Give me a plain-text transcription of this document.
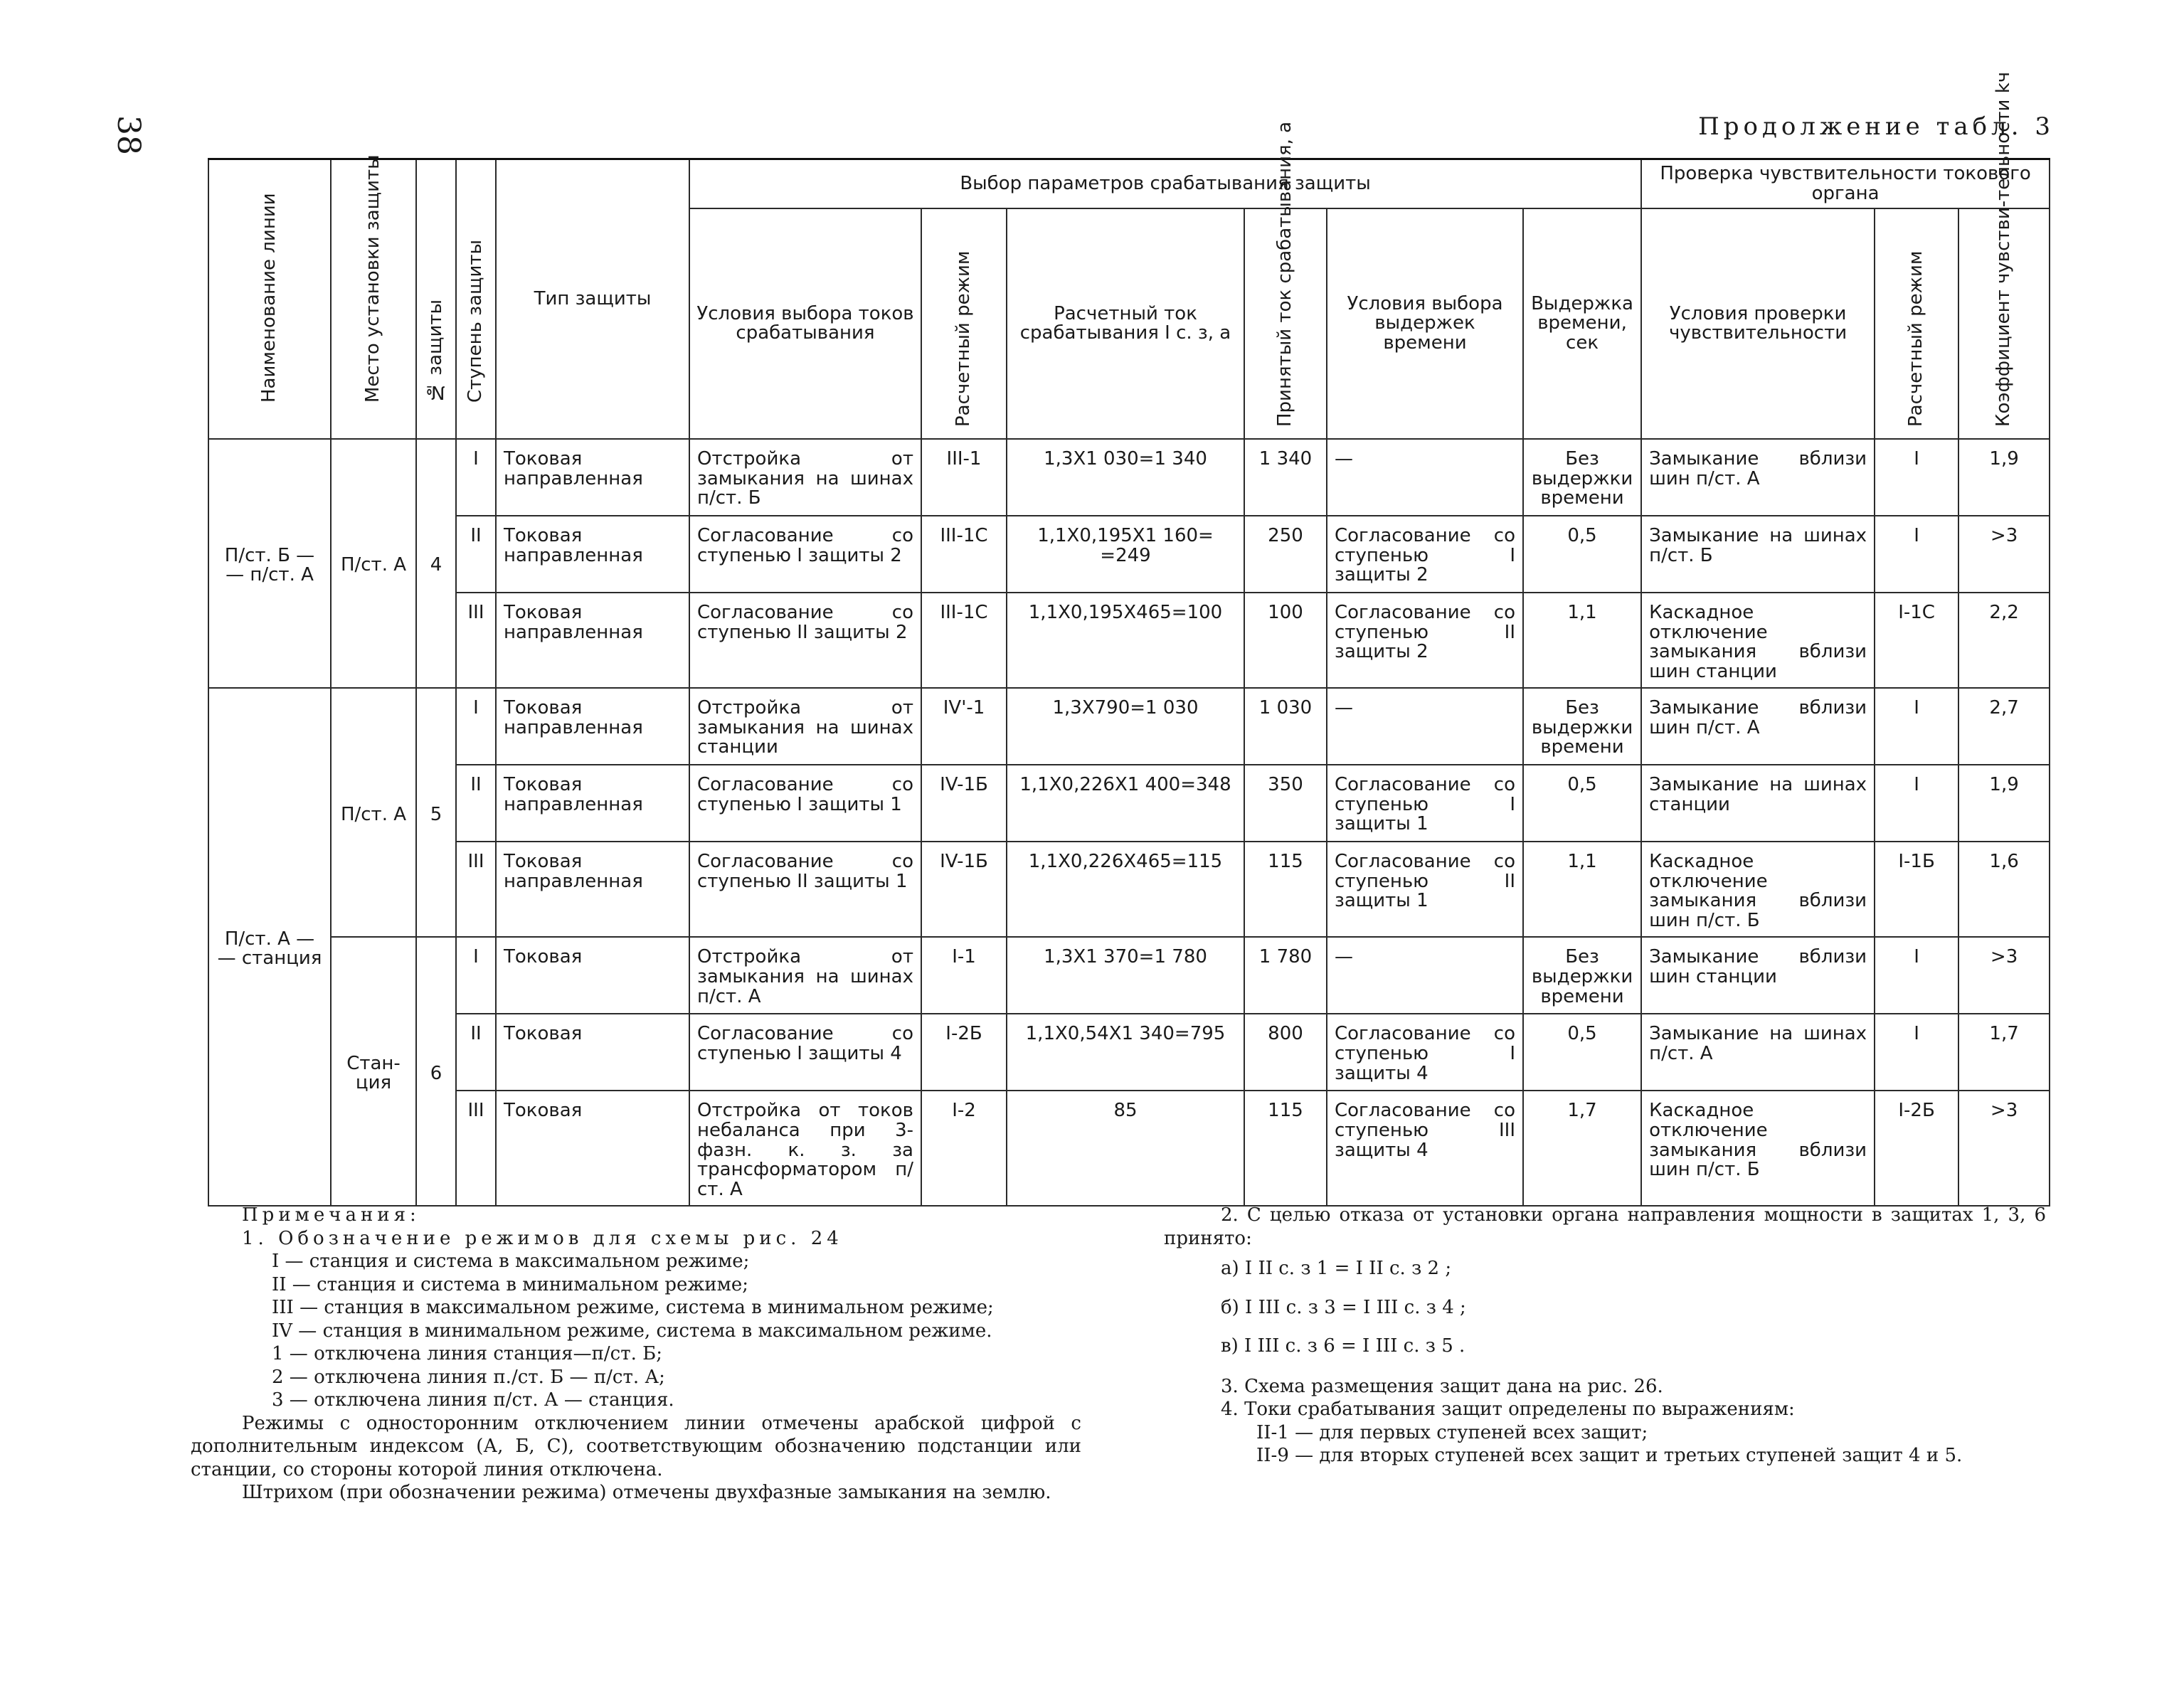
38	Продолжение табл. 3
Наименование линии	Место установки защиты	№ защиты	Ступень защиты	Тип защиты	Выбор параметров срабатывания защиты						Проверка чувствительности токового органа		
					Условия выбора токов срабатывания	Расчетный режим	Расчетный ток срабатывания I с. з, а	Принятый ток срабатывания, а	Условия выбора выдержек времени	Выдержка времени, сек	Условия проверки чувствительности	Расчетный режим	Коэффициент чувстви-тельности kч

П/ст. Б — — п/ст. А	П/ст. А	4	I	Токовая направленная	Отстройка от замыкания на шинах п/ст. Б	III-1	1,3X1 030=1 340	1 340	—	Без выдержки времени	Замыкание вблизи шин п/ст. А	I	1,9
			II	Токовая направленная	Согласование со ступенью I защиты 2	III-1C	1,1X0,195X1 160= =249	250	Согласование со ступенью I защиты 2	0,5	Замыкание на шинах п/ст. Б	I	>3
			III	Токовая направленная	Согласование со ступенью II защиты 2	III-1C	1,1X0,195X465=100	100	Согласование со ступенью II защиты 2	1,1	Каскадное отключение замыкания вблизи шин станции	I-1C	2,2
П/ст. А — — станция	П/ст. А	5	I	Токовая направленная	Отстройка от замыкания на шинах станции	IV'-1	1,3X790=1 030	1 030	—	Без выдержки времени	Замыкание вблизи шин п/ст. А	I	2,7
			II	Токовая направленная	Согласование со ступенью I защиты 1	IV-1Б	1,1X0,226X1 400=348	350	Согласование со ступенью I защиты 1	0,5	Замыкание на шинах станции	I	1,9
			III	Токовая направленная	Согласование со ступенью II защиты 1	IV-1Б	1,1X0,226X465=115	115	Согласование со ступенью II защиты 1	1,1	Каскадное отключение замыкания вблизи шин п/ст. Б	I-1Б	1,6
	Стан-ция	6	I	Токовая	Отстройка от замыкания на шинах п/ст. А	I-1	1,3X1 370=1 780	1 780	—	Без выдержки времени	Замыкание вблизи шин станции	I	>3
			II	Токовая	Согласование со ступенью I защиты 4	I-2Б	1,1X0,54X1 340=795	800	Согласование со ступенью I защиты 4	0,5	Замыкание на шинах п/ст. А	I	1,7
			III	Токовая	Отстройка от токов небаланса при 3-фазн. к. з. за трансформатором п/ст. А	I-2	85	115	Согласование со ступенью III защиты 4	1,7	Каскадное отключение замыкания вблизи шин п/ст. Б	I-2Б	>3

Примечания:

1. Обозначение режимов для схемы рис. 24

I — станция и система в максимальном режиме;

II — станция и система в минимальном режиме;

III — станция в максимальном режиме, система в минимальном режиме;

IV — станция в минимальном режиме, система в максимальном режиме.

1 — отключена линия станция—п/ст. Б;

2 — отключена линия п./ст. Б — п/ст. А;

3 — отключена линия п/ст. А — станция.

Режимы с односторонним отключением линии отмечены арабской цифрой с дополнительным индексом (А, Б, С), соответствующим обозначению подстанции или станции, со стороны которой линия отключена.

Штрихом (при обозначении режима) отмечены двухфазные замыкания на землю.

2. С целью отказа от установки органа направления мощности в защитах 1, 3, 6 принято:

а) I II с. з 1 = I II с. з 2 ;

б) I III с. з 3 = I III с. з 4 ;

в) I III с. з 6 = I III с. з 5 .

3. Схема размещения защит дана на рис. 26.

4. Токи срабатывания защит определены по выражениям:

II-1 — для первых ступеней всех защит;

II-9 — для вторых ступеней всех защит и третьих ступеней защит 4 и 5.
